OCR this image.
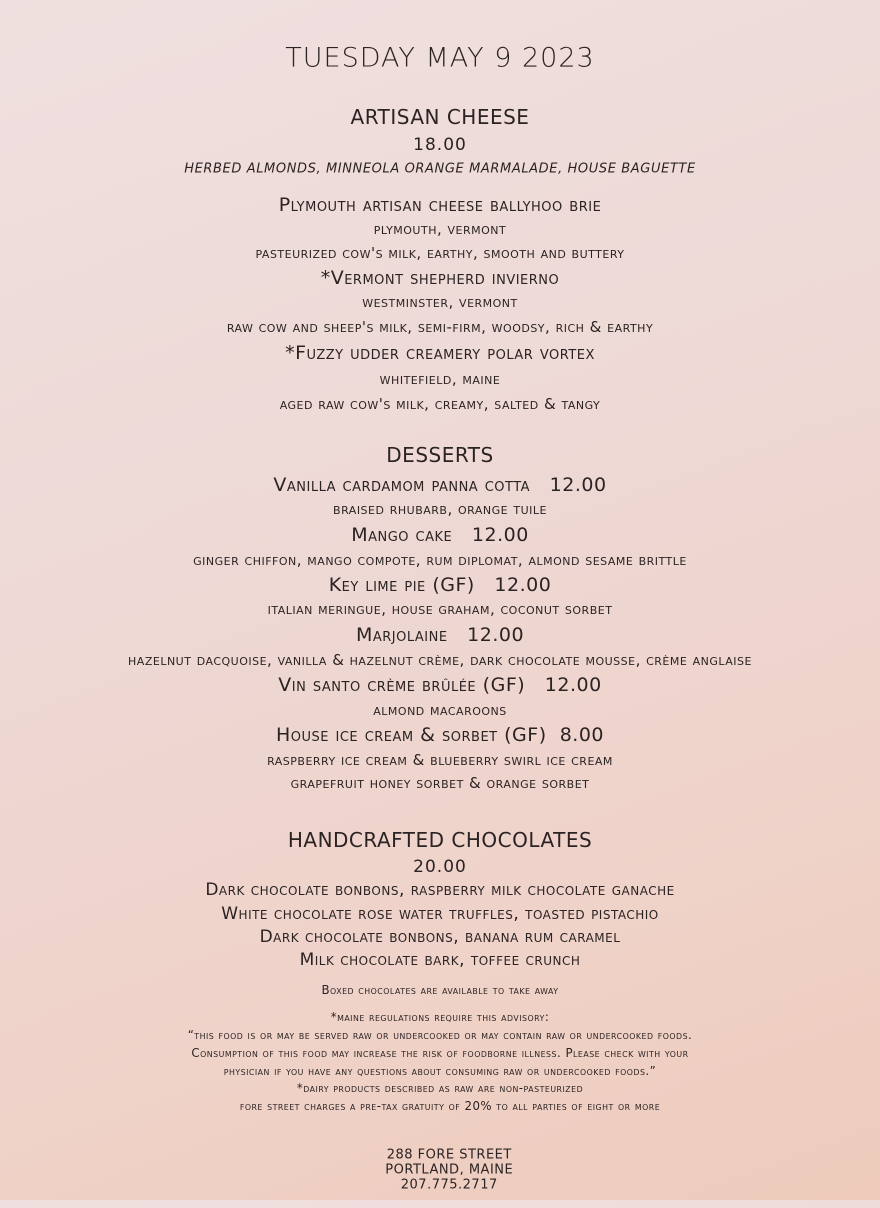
TUESDAY MAY 9 2023
ARTISAN CHEESE
18.00
HERBED ALMONDS, MINNEOLA ORANGE MARMALADE, HOUSE BAGUETTE
Plymouth artisan cheese ballyhoo brie
plymouth, vermont
pasteurized cow's milk, earthy, smooth and buttery
*Vermont shepherd invierno
westminster, vermont
raw cow and sheep's milk, semi-firm, woodsy, rich & earthy
*Fuzzy udder creamery polar vortex
whitefield, maine
aged raw cow's milk, creamy, salted & tangy
DESSERTS
Vanilla cardamom panna cotta   12.00
braised rhubarb, orange tuile
Mango cake   12.00
ginger chiffon, mango compote, rum diplomat, almond sesame brittle
Key lime pie (GF)   12.00
italian meringue, house graham, coconut sorbet
Marjolaine   12.00
hazelnut dacquoise, vanilla & hazelnut crème, dark chocolate mousse, crème anglaise
Vin santo crème brûlée (GF)   12.00
almond macaroons
House ice cream & sorbet (GF)  8.00
raspberry ice cream & blueberry swirl ice cream
grapefruit honey sorbet & orange sorbet
HANDCRAFTED CHOCOLATES
20.00
Dark chocolate bonbons, raspberry milk chocolate ganache
White chocolate rose water truffles, toasted pistachio
Dark chocolate bonbons, banana rum caramel
Milk chocolate bark, toffee crunch
Boxed chocolates are available to take away
*maine regulations require this advisory:
“this food is or may be served raw or undercooked or may contain raw or undercooked foods.
Consumption of this food may increase the risk of foodborne illness. Please check with your
physician if you have any questions about consuming raw or undercooked foods.”
*dairy products described as raw are non-pasteurized
fore street charges a pre-tax gratuity of 20% to all parties of eight or more

288 FORE STREET
PORTLAND, MAINE
207.775.2717
